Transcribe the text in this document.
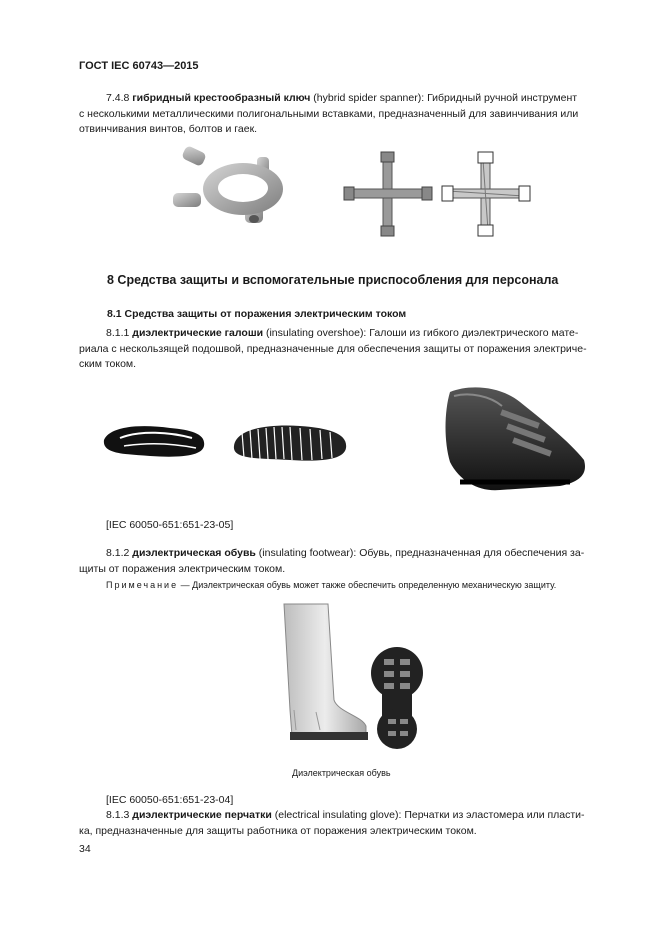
ГОСТ IEC 60743—2015
7.4.8 гибридный крестообразный ключ (hybrid spider spanner): Гибридный ручной инструмент
с несколькими металлическими полигональными вставками, предназначенный для завинчивания или
отвинчивания винтов, болтов и гаек.
8 Средства защиты и вспомогательные приспособления для персонала
8.1 Средства защиты от поражения электрическим током
8.1.1 диэлектрические галоши (insulating overshoe): Галоши из гибкого диэлектрического мате-
риала с нескользящей подошвой, предназначенные для обеспечения защиты от поражения электриче-
ским током.
[IEC 60050-651:651-23-05]
8.1.2 диэлектрическая обувь (insulating footwear): Обувь, предназначенная для обеспечения за-
щиты от поражения электрическим током.
Примечание — Диэлектрическая обувь может также обеспечить определенную механическую защиту.
Диэлектрическая обувь
[IEC 60050-651:651-23-04]
8.1.3 диэлектрические перчатки (electrical insulating glove): Перчатки из эластомера или пласти-
ка, предназначенные для защиты работника от поражения электрическим током.
34
